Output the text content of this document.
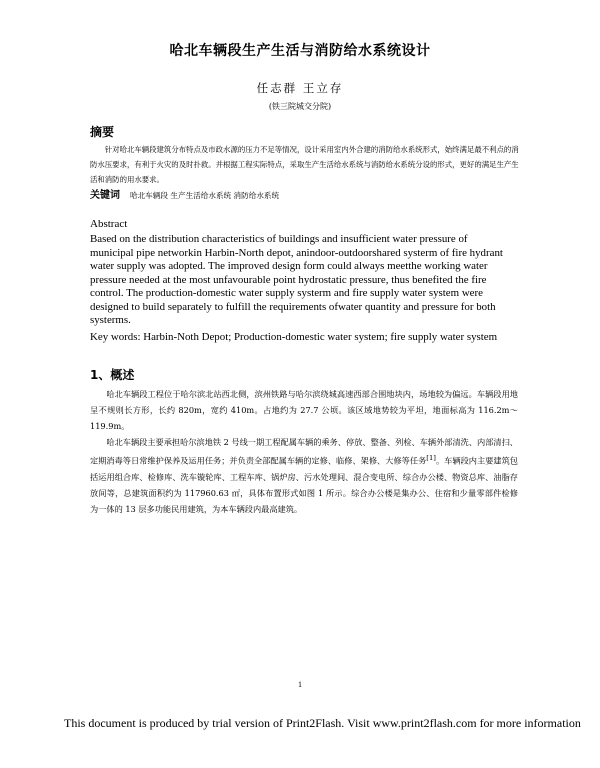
哈北车辆段生产生活与消防给水系统设计
任志群 王立存
(铁三院城交分院)
摘要

针对哈北车辆段建筑分布特点及市政水源的压力不足等情况，设计采用室内外合建的消防给水系统形式，始终满足最不利点的消防水压要求，有利于火灾的及时扑救。并根据工程实际特点，采取生产生活给水系统与消防给水系统分设的形式，更好的满足生产生活和消防的用水要求。

关键词 哈北车辆段 生产生活给水系统 消防给水系统
Abstract

Based on the distribution characteristics of buildings and insufficient water pressure of municipal pipe networkin Harbin-North depot, anindoor-outdoorshared systerm of fire hydrant water supply was adopted. The improved design form could always meetthe working water pressure needed at the most unfavourable point hydrostatic pressure, thus benefited the fire control. The production-domestic water supply systerm and fire supply water system were designed to build separately to fulfill the requirements ofwater quantity and pressure for both systerms.

Key words: Harbin-Noth Depot; Production-domestic water system; fire supply water system
1、概述

哈北车辆段工程位于哈尔滨北站西北侧，滨州铁路与哈尔滨绕城高速西部合围地块内，场地较为偏远。车辆段用地呈不规则长方形，长约 820m，宽约 410m。占地约为 27.7 公顷。该区域地势较为平坦，地面标高为 116.2m～119.9m。

哈北车辆段主要承担哈尔滨地铁 2 号线一期工程配属车辆的乘务、停放、整备、列检、车辆外部清洗、内部清扫、定期消毒等日常维护保养及运用任务；并负责全部配属车辆的定修、临修、架修、大修等任务[1]。车辆段内主要建筑包括运用组合库、检修库、洗车镟轮库、工程车库、锅炉房、污水处理间、混合变电所、综合办公楼、物资总库、油脂存放间等，总建筑面积约为 117960.63 ㎡，具体布置形式如图 1 所示。综合办公楼是集办公、住宿和少量零部件检修为一体的 13 层多功能民用建筑，为本车辆段内最高建筑。

1
This document is produced by trial version of Print2Flash. Visit www.print2flash.com for more information
